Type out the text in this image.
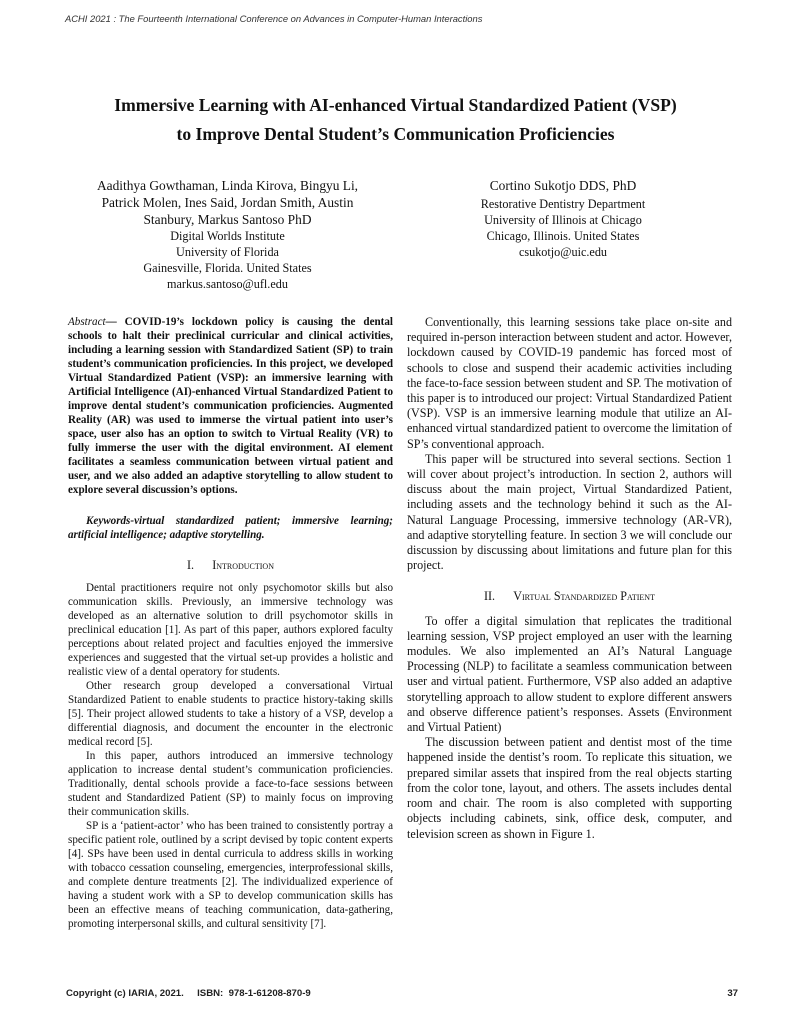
ACHI 2021 : The Fourteenth International Conference on Advances in Computer-Human Interactions
Immersive Learning with AI-enhanced Virtual Standardized Patient (VSP)
to Improve Dental Student’s Communication Proficiencies
Aadithya Gowthaman, Linda Kirova, Bingyu Li,
Patrick Molen, Ines Said, Jordan Smith, Austin
Stanbury, Markus Santoso PhD
Digital Worlds Institute
University of Florida
Gainesville, Florida. United States
markus.santoso@ufl.edu
Cortino Sukotjo DDS, PhD
Restorative Dentistry Department
University of Illinois at Chicago
Chicago, Illinois. United States
csukotjo@uic.edu

Abstract— COVID-19’s lockdown policy is causing the dental schools to halt their preclinical curricular and clinical activities, including a learning session with Standardized Satient (SP) to train student’s communication proficiencies. In this project, we developed Virtual Standardized Patient (VSP): an immersive learning with Artificial Intelligence (AI)-enhanced Virtual Standardized Patient to improve dental student’s communication proficiencies. Augmented Reality (AR) was used to immerse the virtual patient into user’s space, user also has an option to switch to Virtual Reality (VR) to fully immerse the user with the digital environment. AI element facilitates a seamless communication between virtual patient and user, and we also added an adaptive storytelling to allow student to explore several discussion’s options.

Keywords-virtual standardized patient; immersive learning; artificial intelligence; adaptive storytelling.

I. Introduction

Dental practitioners require not only psychomotor skills but also communication skills. Previously, an immersive technology was developed as an alternative solution to drill psychomotor skills in preclinical education [1]. As part of this paper, authors explored faculty perceptions about related project and faculties enjoyed the immersive experiences and suggested that the virtual set-up provides a holistic and realistic view of a dental operatory for students.

Other research group developed a conversational Virtual Standardized Patient to enable students to practice history-taking skills [5]. Their project allowed students to take a history of a VSP, develop a differential diagnosis, and document the encounter in the electronic medical record [5].

In this paper, authors introduced an immersive technology application to increase dental student’s communication proficiencies. Traditionally, dental schools provide a face-to-face sessions between student and Standardized Patient (SP) to mainly focus on improving their communication skills.

SP is a ‘patient-actor’ who has been trained to consistently portray a specific patient role, outlined by a script devised by topic content experts [4]. SPs have been used in dental curricula to address skills in working with tobacco cessation counseling, emergencies, interprofessional skills, and complete denture treatments [2]. The individualized experience of having a student work with a SP to develop communication skills has been an effective means of teaching communication, data-gathering, promoting interpersonal skills, and cultural sensitivity [7].

Conventionally, this learning sessions take place on-site and required in-person interaction between student and actor. However, lockdown caused by COVID-19 pandemic has forced most of schools to close and suspend their academic activities including the face-to-face session between student and SP. The motivation of this paper is to introduced our project: Virtual Standardized Patient (VSP). VSP is an immersive learning module that utilize an AI-enhanced virtual standardized patient to overcome the limitation of SP’s conventional approach.

This paper will be structured into several sections. Section 1 will cover about project’s introduction. In section 2, authors will discuss about the main project, Virtual Standardized Patient, including assets and the technology behind it such as the AI-Natural Language Processing, immersive technology (AR-VR), and adaptive storytelling feature. In section 3 we will conclude our discussion by discussing about limitations and future plan for this project.

II. Virtual Standardized Patient

To offer a digital simulation that replicates the traditional learning session, VSP project employed an user with the learning modules. We also implemented an AI’s Natural Language Processing (NLP) to facilitate a seamless communication between user and virtual patient. Furthermore, VSP also added an adaptive storytelling approach to allow student to explore different answers and observe difference patient’s responses. Assets (Environment and Virtual Patient)

The discussion between patient and dentist most of the time happened inside the dentist’s room. To replicate this situation, we prepared similar assets that inspired from the real objects starting from the color tone, layout, and others. The assets includes dental room and chair. The room is also completed with supporting objects including cabinets, sink, office desk, computer, and television screen as shown in Figure 1.

Copyright (c) IARIA, 2021.     ISBN:  978-1-61208-870-9	37
